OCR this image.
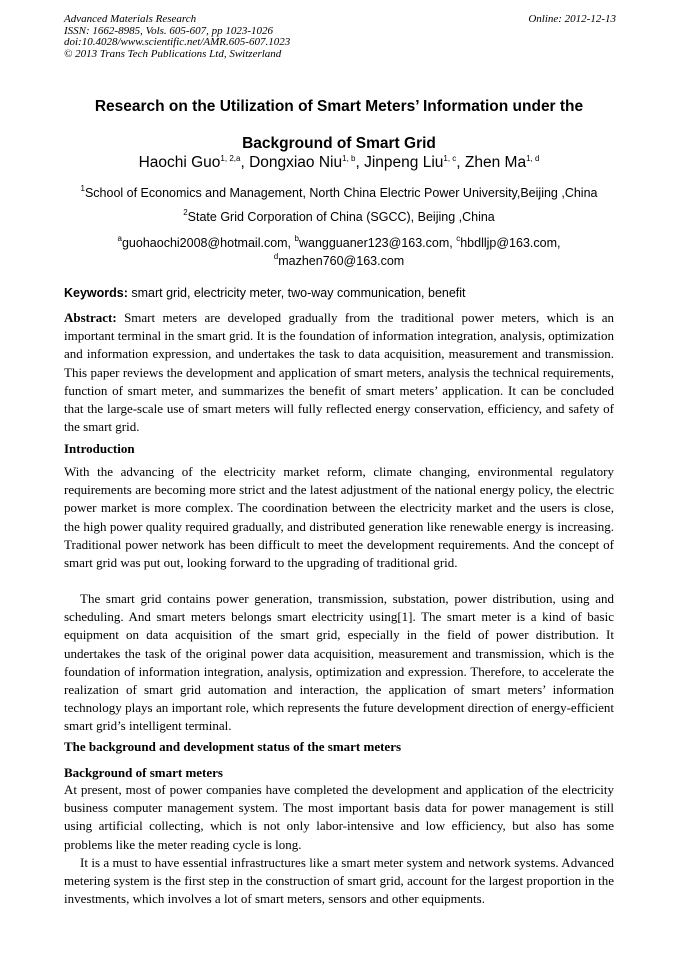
Advanced Materials Research
ISSN: 1662-8985, Vols. 605-607, pp 1023-1026
doi:10.4028/www.scientific.net/AMR.605-607.1023
© 2013 Trans Tech Publications Ltd, Switzerland
Online: 2012-12-13
Research on the Utilization of Smart Meters’ Information under the
Background of Smart Grid
Haochi Guo$^{1, 2,a}$, Dongxiao Niu$^{1, b}$, Jinpeng Liu$^{1, c}$, Zhen Ma$^{1, d}$
$^1$School of Economics and Management, North China Electric Power University,Beijing ,China
$^2$State Grid Corporation of China (SGCC), Beijing ,China
$^a$guohaochi2008@hotmail.com, $^b$wangguaner123@163.com, $^c$hbdlljp@163.com,
$^d$mazhen760@163.com
Keywords: smart grid, electricity meter, two-way communication, benefit

Abstract: Smart meters are developed gradually from the traditional power meters, which is an important terminal in the smart grid. It is the foundation of information integration, analysis, optimization and information expression, and undertakes the task to data acquisition, measurement and transmission. This paper reviews the development and application of smart meters, analysis the technical requirements, function of smart meter, and summarizes the benefit of smart meters’ application. It can be concluded that the large-scale use of smart meters will fully reflected energy conservation, efficiency, and safety of the smart grid.

Introduction

With the advancing of the electricity market reform, climate changing, environmental regulatory requirements are becoming more strict and the latest adjustment of the national energy policy, the electric power market is more complex. The coordination between the electricity market and the users is close, the high power quality required gradually, and distributed generation like renewable energy is increasing. Traditional power network has been difficult to meet the development requirements. And the concept of smart grid was put out, looking forward to the upgrading of traditional grid.

The smart grid contains power generation, transmission, substation, power distribution, using and scheduling. And smart meters belongs smart electricity using[1]. The smart meter is a kind of basic equipment on data acquisition of the smart grid, especially in the field of power distribution. It undertakes the task of the original power data acquisition, measurement and transmission, which is the foundation of information integration, analysis, optimization and expression. Therefore, to accelerate the realization of smart grid automation and interaction, the application of smart meters’ information technology plays an important role, which represents the future development direction of energy-efficient smart grid’s intelligent terminal.

The background and development status of the smart meters
Background of smart meters

At present, most of power companies have completed the development and application of the electricity business computer management system. The most important basis data for power management is still using artificial collecting, which is not only labor-intensive and low efficiency, but also has some problems like the meter reading cycle is long.

It is a must to have essential infrastructures like a smart meter system and network systems. Advanced metering system is the first step in the construction of smart grid, account for the largest proportion in the investments, which involves a lot of smart meters, sensors and other equipments.
